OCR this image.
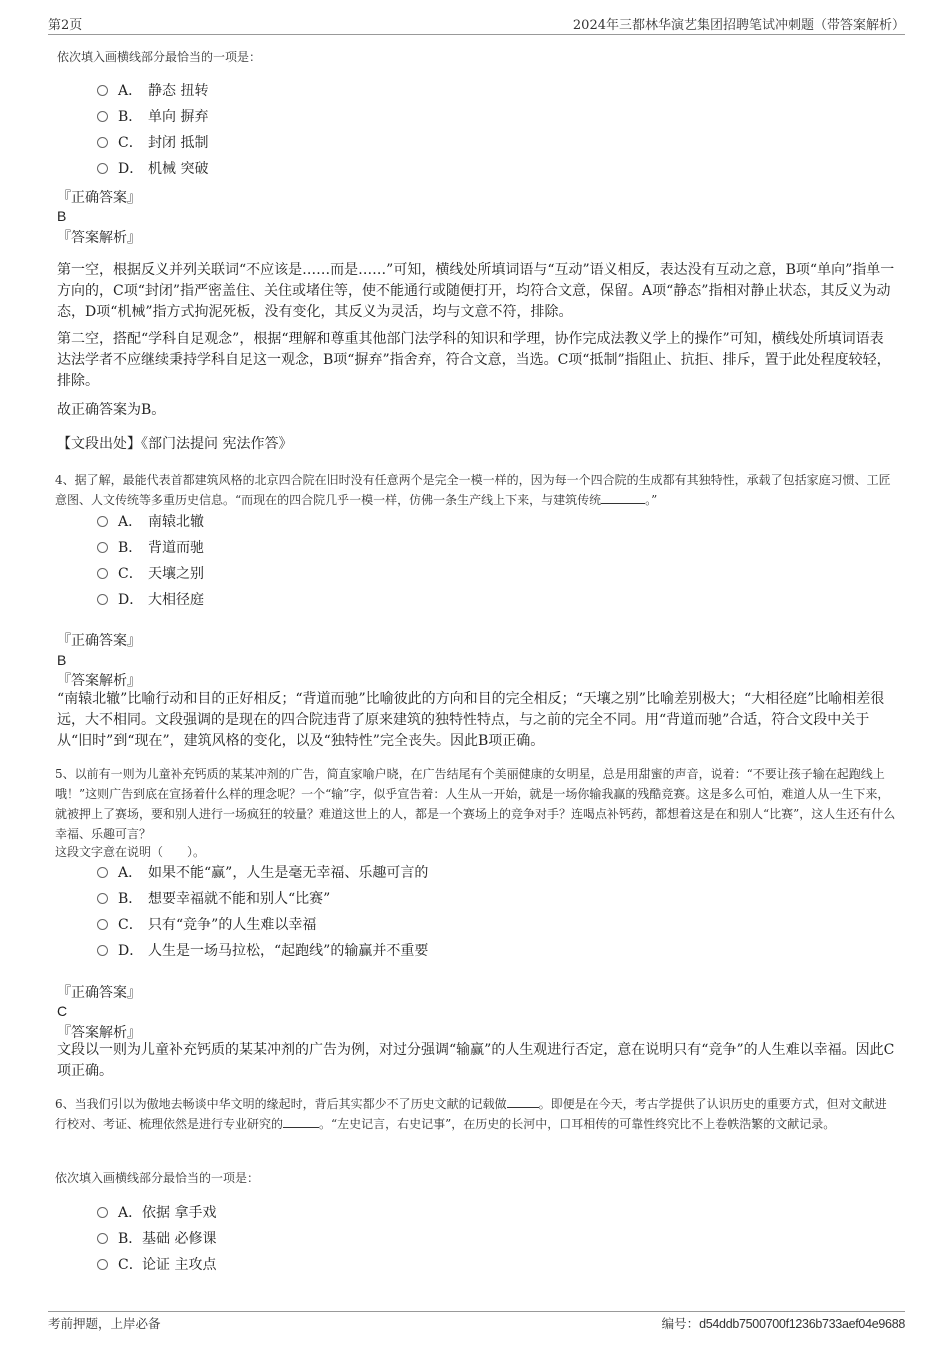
第2页	2024年三都林华演艺集团招聘笔试冲刺题（带答案解析）
依次填入画横线部分最恰当的一项是：
A． 静态 扭转
B． 单向 摒弃
C． 封闭 抵制
D． 机械 突破
『正确答案』
B
『答案解析』
第一空，根据反义并列关联词“不应该是……而是……”可知，横线处所填词语与“互动”语义相反，表达没有互动之意，B项“单向”指单一方向的，C项“封闭”指严密盖住、关住或堵住等，使不能通行或随便打开，均符合文意，保留。A项“静态”指相对静止状态，其反义为动态，D项“机械”指方式拘泥死板，没有变化，其反义为灵活，均与文意不符，排除。
第二空，搭配“学科自足观念”，根据“理解和尊重其他部门法学科的知识和学理，协作完成法教义学上的操作”可知，横线处所填词语表达法学者不应继续秉持学科自足这一观念，B项“摒弃”指舍弃，符合文意，当选。C项“抵制”指阻止、抗拒、排斥，置于此处程度较轻，排除。
故正确答案为B。
【文段出处】《部门法提问 宪法作答》
4、据了解，最能代表首都建筑风格的北京四合院在旧时没有任意两个是完全一模一样的，因为每一个四合院的生成都有其独特性，承载了包括家庭习惯、工匠意图、人文传统等多重历史信息。“而现在的四合院几乎一模一样，仿佛一条生产线上下来，与建筑传统	。”
A． 南辕北辙
B． 背道而驰
C． 天壤之别
D． 大相径庭
『正确答案』
B
『答案解析』
“南辕北辙”比喻行动和目的正好相反；“背道而驰”比喻彼此的方向和目的完全相反；“天壤之别”比喻差别极大；“大相径庭”比喻相差很远，大不相同。文段强调的是现在的四合院违背了原来建筑的独特性特点，与之前的完全不同。用“背道而驰”合适，符合文段中关于从“旧时”到“现在”，建筑风格的变化，以及“独特性”完全丧失。因此B项正确。
5、以前有一则为儿童补充钙质的某某冲剂的广告，简直家喻户晓，在广告结尾有个美丽健康的女明星，总是用甜蜜的声音，说着：“不要让孩子输在起跑线上哦！”这则广告到底在宣扬着什么样的理念呢？一个“输”字，似乎宣告着：人生从一开始，就是一场你输我赢的残酷竞赛。这是多么可怕，难道人从一生下来，就被押上了赛场，要和别人进行一场疯狂的较量？难道这世上的人，都是一个赛场上的竞争对手？连喝点补钙药，都想着这是在和别人“比赛”，这人生还有什么幸福、乐趣可言？
这段文字意在说明（　　）。
A． 如果不能“赢”，人生是毫无幸福、乐趣可言的
B． 想要幸福就不能和别人“比赛”
C． 只有“竞争”的人生难以幸福
D． 人生是一场马拉松，“起跑线”的输赢并不重要
『正确答案』
C
『答案解析』
文段以一则为儿童补充钙质的某某冲剂的广告为例，对过分强调“输赢”的人生观进行否定，意在说明只有“竞争”的人生难以幸福。因此C项正确。
6、当我们引以为傲地去畅谈中华文明的缘起时，背后其实都少不了历史文献的记载做	。即便是在今天，考古学提供了认识历史的重要方式，但对文献进行校对、考证、梳理依然是进行专业研究的	。“左史记言，右史记事”，在历史的长河中，口耳相传的可靠性终究比不上卷帙浩繁的文献记录。
依次填入画横线部分最恰当的一项是：
A．依据 拿手戏
B．基础 必修课
C．论证 主攻点
考前押题，上岸必备	编号：d54ddb7500700f1236b733aef04e9688
